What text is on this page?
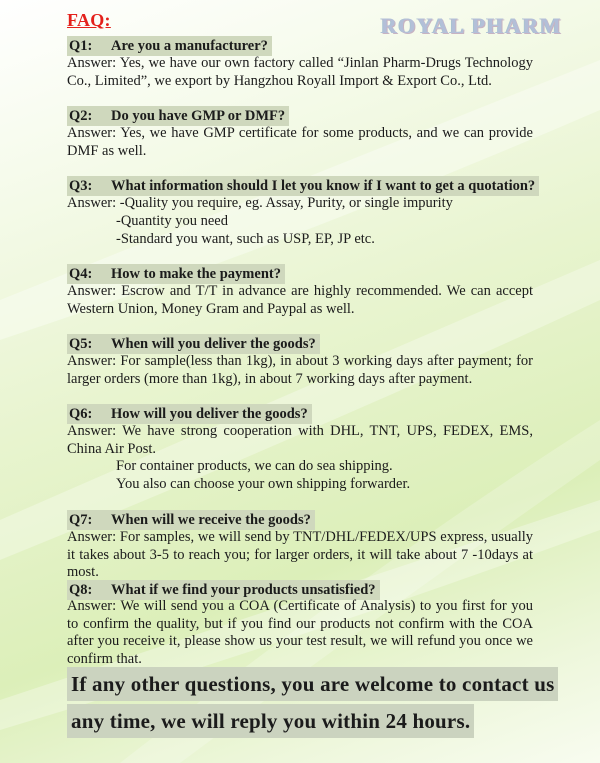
FAQ:	ROYAL PHARM
Q1: Are you a manufacturer?
Answer: Yes, we have our own factory called “Jinlan Pharm-Drugs Technology Co., Limited”, we export by Hangzhou Royall Import & Export Co., Ltd.
Q2: Do you have GMP or DMF?
Answer: Yes, we have GMP certificate for some products, and we can provide DMF as well.
Q3: What information should I let you know if I want to get a quotation?
Answer: -Quality you require, eg. Assay, Purity, or single impurity
-Quantity you need
-Standard you want, such as USP, EP, JP etc.
Q4: How to make the payment?
Answer: Escrow and T/T in advance are highly recommended. We can accept Western Union, Money Gram and Paypal as well.
Q5: When will you deliver the goods?
Answer: For sample(less than 1kg), in about 3 working days after payment; for larger orders (more than 1kg), in about 7 working days after payment.
Q6: How will you deliver the goods?
Answer: We have strong cooperation with DHL, TNT, UPS, FEDEX, EMS, China Air Post.
For container products, we can do sea shipping.
You also can choose your own shipping forwarder.
Q7: When will we receive the goods?
Answer: For samples, we will send by TNT/DHL/FEDEX/UPS express, usually it takes about 3-5 to reach you; for larger orders, it will take about 7 -10days at most.
Q8: What if we find your products unsatisfied?
Answer: We will send you a COA (Certificate of Analysis) to you first for you to confirm the quality, but if you find our products not confirm with the COA after you receive it, please show us your test result, we will refund you once we confirm that.
If any other questions, you are welcome to contact us
any time, we will reply you within 24 hours.
